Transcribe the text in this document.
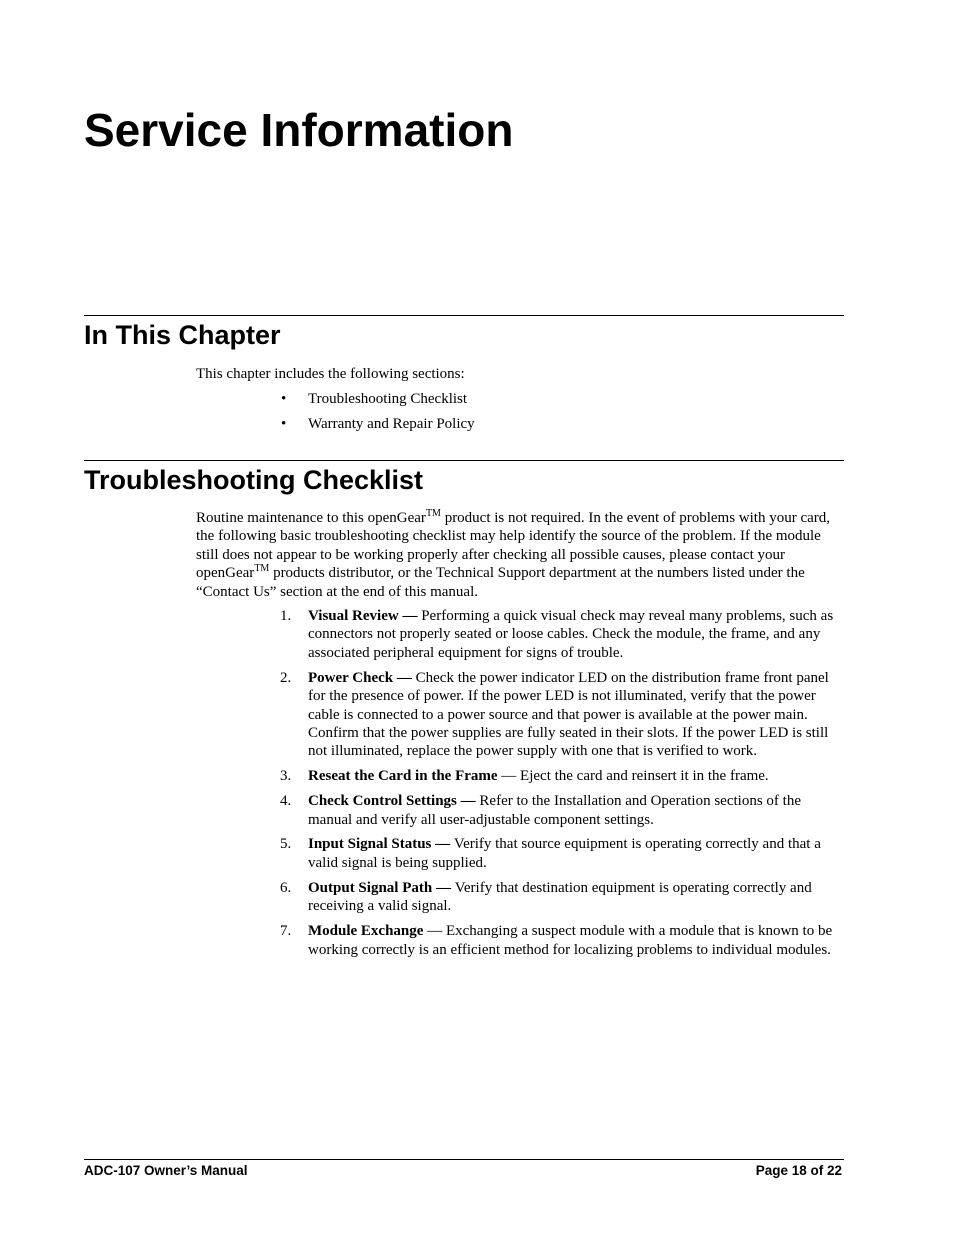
Service Information
In This Chapter

This chapter includes the following sections:

• Troubleshooting Checklist
• Warranty and Repair Policy
Troubleshooting Checklist

Routine maintenance to this openGear™ product is not required. In the event of problems with your card, the following basic troubleshooting checklist may help identify the source of the problem. If the module still does not appear to be working properly after checking all possible causes, please contact your openGear™ products distributor, or the Technical Support department at the numbers listed under the “Contact Us” section at the end of this manual.

1. Visual Review — Performing a quick visual check may reveal many problems, such as connectors not properly seated or loose cables. Check the module, the frame, and any associated peripheral equipment for signs of trouble.
2. Power Check — Check the power indicator LED on the distribution frame front panel for the presence of power. If the power LED is not illuminated, verify that the power cable is connected to a power source and that power is available at the power main. Confirm that the power supplies are fully seated in their slots. If the power LED is still not illuminated, replace the power supply with one that is verified to work.
3. Reseat the Card in the Frame — Eject the card and reinsert it in the frame.
4. Check Control Settings — Refer to the Installation and Operation sections of the manual and verify all user-adjustable component settings.
5. Input Signal Status — Verify that source equipment is operating correctly and that a valid signal is being supplied.
6. Output Signal Path — Verify that destination equipment is operating correctly and receiving a valid signal.
7. Module Exchange — Exchanging a suspect module with a module that is known to be working correctly is an efficient method for localizing problems to individual modules.
ADC-107 Owner’s Manual	Page 18 of 22
